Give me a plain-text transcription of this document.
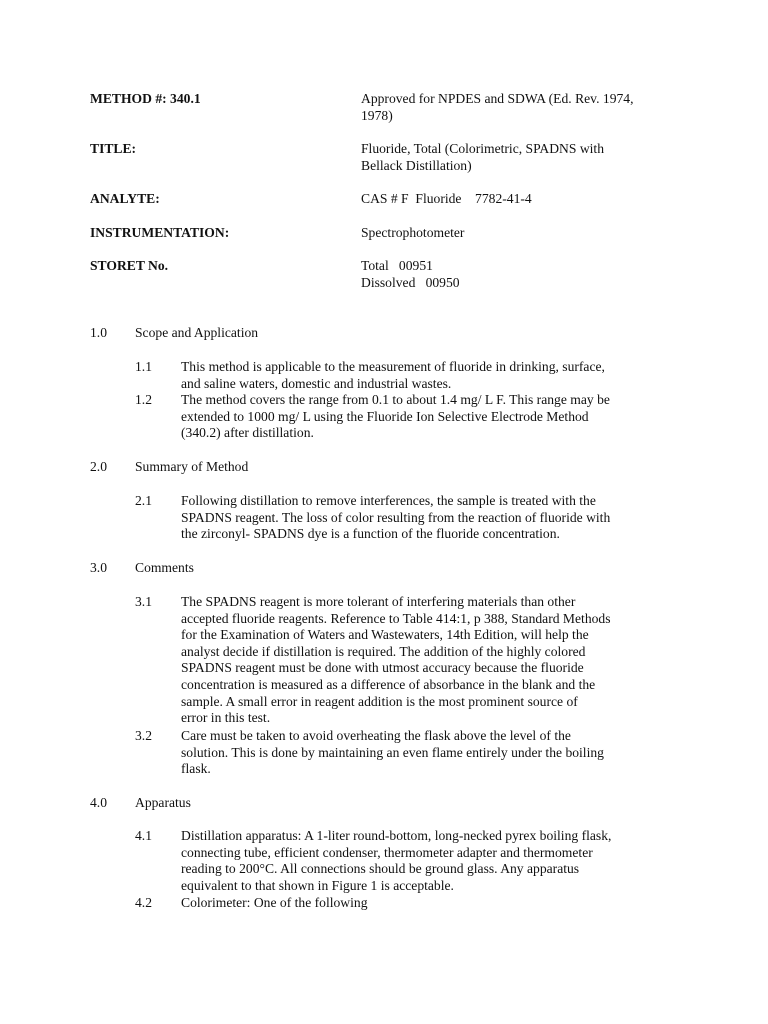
METHOD #: 340.1	Approved for NPDES and SDWA (Ed. Rev. 1974,
1978)
TITLE:	Fluoride, Total (Colorimetric, SPADNS with
Bellack Distillation)
ANALYTE:	CAS # F  Fluoride    7782-41-4
INSTRUMENTATION:	Spectrophotometer
STORET No.	Total   00951
Dissolved   00950
1.0 Scope and Application
1.1 This method is applicable to the measurement of fluoride in drinking, surface,
and saline waters, domestic and industrial wastes.
1.2 The method covers the range from 0.1 to about 1.4 mg/ L F. This range may be
extended to 1000 mg/ L using the Fluoride Ion Selective Electrode Method
(340.2) after distillation.
2.0 Summary of Method
2.1 Following distillation to remove interferences, the sample is treated with the
SPADNS reagent. The loss of color resulting from the reaction of fluoride with
the zirconyl- SPADNS dye is a function of the fluoride concentration.
3.0 Comments
3.1 The SPADNS reagent is more tolerant of interfering materials than other
accepted fluoride reagents. Reference to Table 414:1, p 388, Standard Methods
for the Examination of Waters and Wastewaters, 14th Edition, will help the
analyst decide if distillation is required. The addition of the highly colored
SPADNS reagent must be done with utmost accuracy because the fluoride
concentration is measured as a difference of absorbance in the blank and the
sample. A small error in reagent addition is the most prominent source of
error in this test.
3.2 Care must be taken to avoid overheating the flask above the level of the
solution. This is done by maintaining an even flame entirely under the boiling
flask.
4.0 Apparatus
4.1 Distillation apparatus: A 1-liter round-bottom, long-necked pyrex boiling flask,
connecting tube, efficient condenser, thermometer adapter and thermometer
reading to 200°C. All connections should be ground glass. Any apparatus
equivalent to that shown in Figure 1 is acceptable.
4.2 Colorimeter: One of the following
